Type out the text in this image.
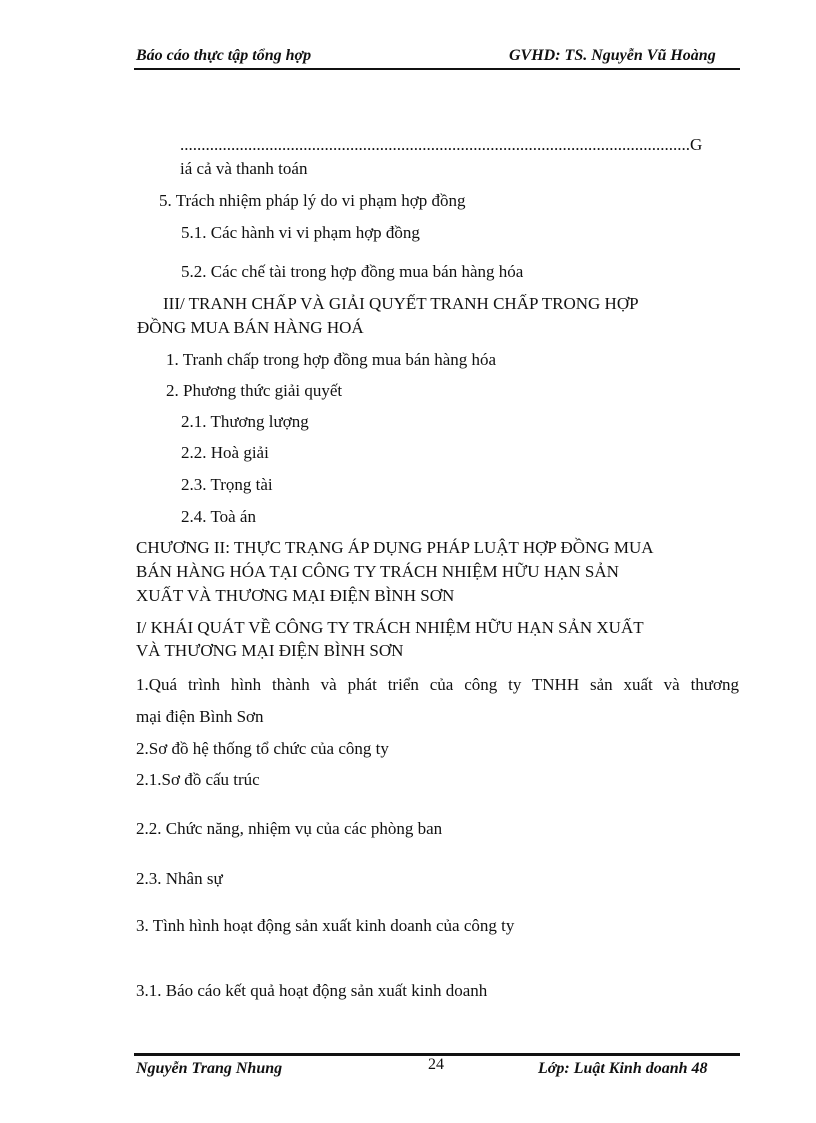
Báo cáo thực tập tổng hợp	GVHD: TS. Nguyễn Vũ Hoàng
........................................................................................................................G
iá cả và thanh toán
5. Trách nhiệm pháp lý do vi phạm hợp đồng
5.1. Các hành vi vi phạm hợp đồng
5.2. Các chế tài trong hợp đồng mua bán hàng hóa
III/ TRANH CHẤP VÀ GIẢI QUYẾT TRANH CHẤP TRONG HỢP
ĐỒNG MUA BÁN HÀNG HOÁ
1. Tranh chấp trong hợp đồng mua bán hàng hóa
2. Phương thức giải quyết
2.1. Thương lượng
2.2. Hoà giải
2.3. Trọng tài
2.4. Toà án
CHƯƠNG II: THỰC TRẠNG ÁP DỤNG PHÁP LUẬT HỢP ĐỒNG MUA
BÁN HÀNG HÓA TẠI CÔNG TY TRÁCH NHIỆM HỮU HẠN SẢN
XUẤT VÀ THƯƠNG MẠI ĐIỆN BÌNH SƠN
I/ KHÁI QUÁT VỀ CÔNG TY TRÁCH NHIỆM HỮU HẠN SẢN XUẤT
VÀ THƯƠNG MẠI ĐIỆN BÌNH SƠN
1.Quá trình hình thành và phát triển của công ty TNHH sản xuất và thương
mại điện Bình Sơn
2.Sơ đồ hệ thống tổ chức của công ty
2.1.Sơ đồ cấu trúc
2.2. Chức năng, nhiệm vụ của các phòng ban
2.3. Nhân sự
3. Tình hình hoạt động sản xuất kinh doanh của công ty
3.1. Báo cáo kết quả hoạt động sản xuất kinh doanh
Nguyễn Trang Nhung	24	Lớp: Luật Kinh doanh 48
